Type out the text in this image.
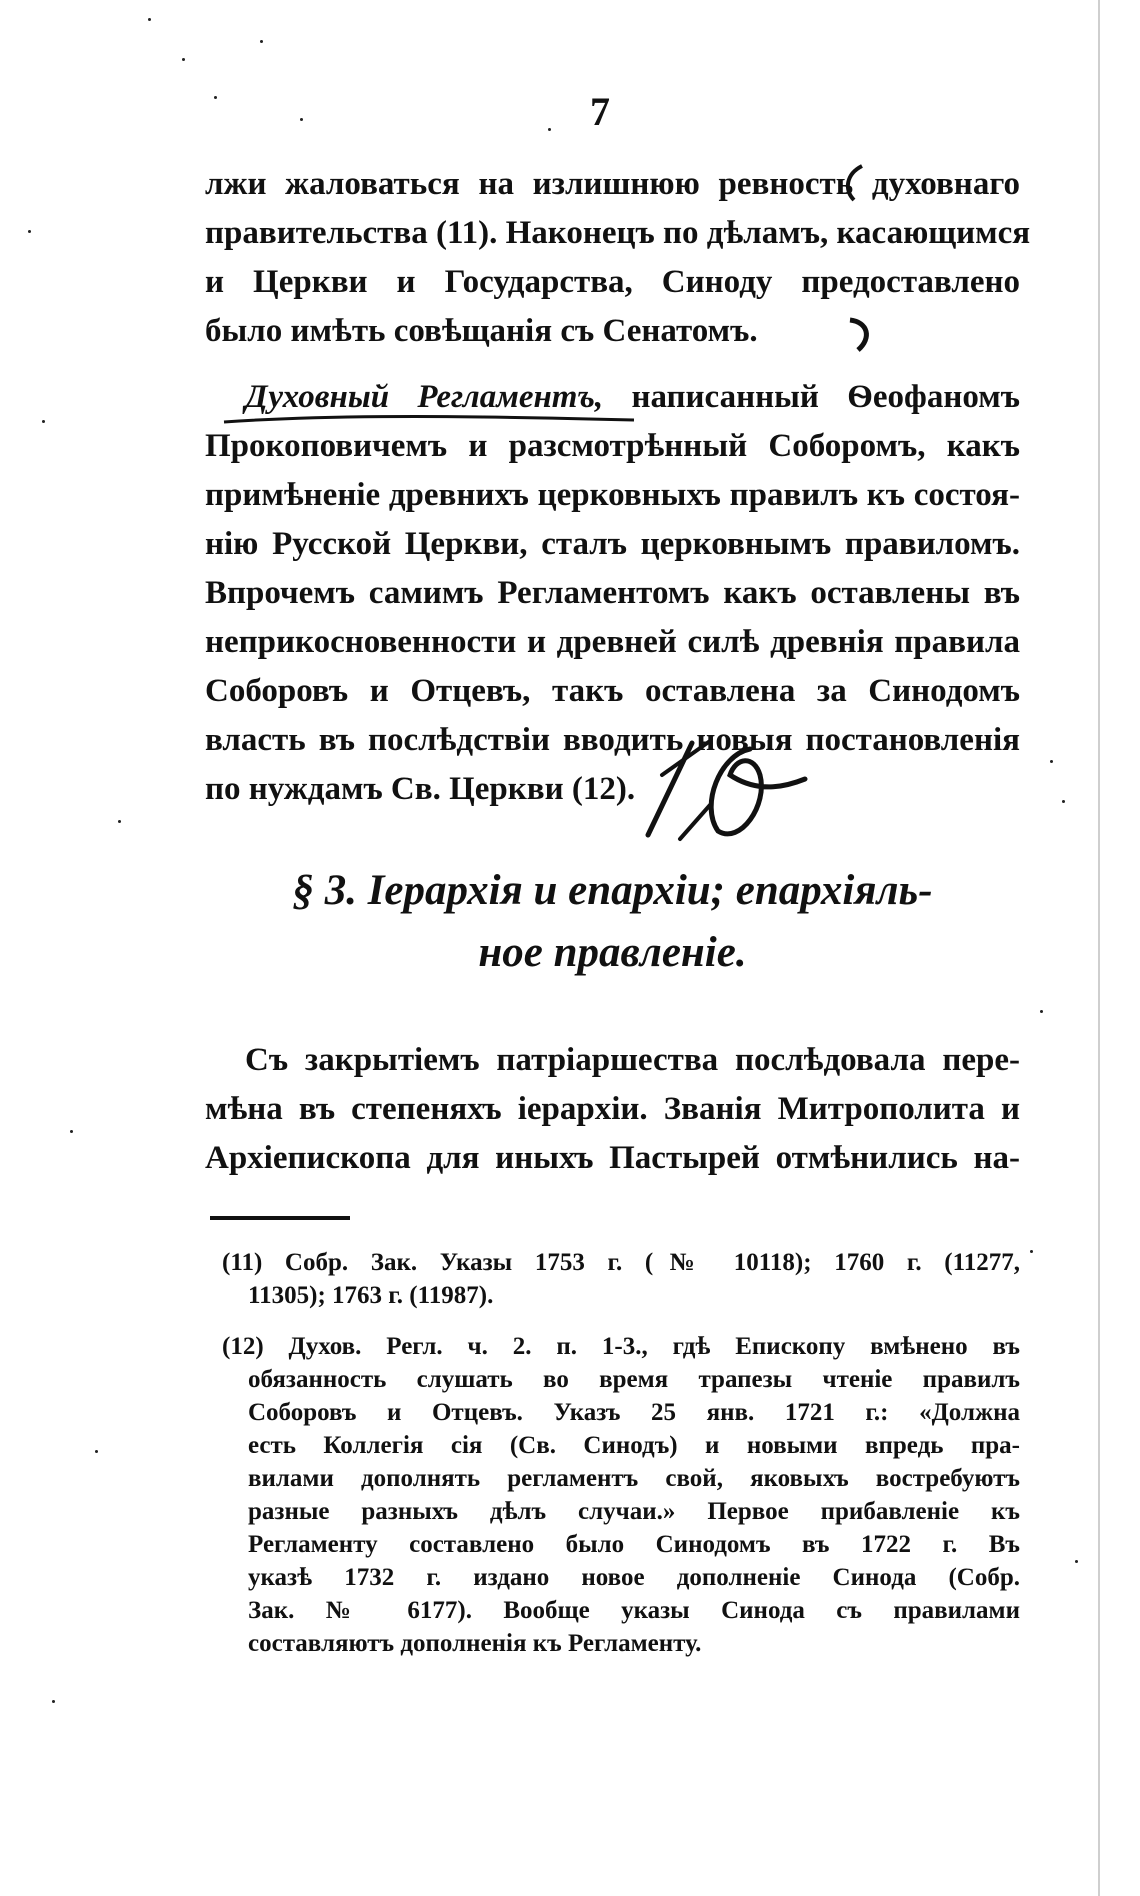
7
лжи жаловаться на излишнюю ревность духовнаго
правительства (11). Наконецъ по дѣламъ, касающимся
и Церкви и Государства, Синоду предоставлено
было имѣть совѣщанія съ Сенатомъ.
Духовный Регламентъ, написанный Ѳеофаномъ
Прокоповичемъ и разсмотрѣнный Соборомъ, какъ
примѣненіе древнихъ церковныхъ правилъ къ состоя-
нію Русской Церкви, сталъ церковнымъ правиломъ.
Впрочемъ самимъ Регламентомъ какъ оставлены въ
неприкосновенности и древней силѣ древнія правила
Соборовъ и Отцевъ, такъ оставлена за Синодомъ
власть въ послѣдствіи вводить новыя постановленія
по нуждамъ Св. Церкви (12).
§ 3. Іерархія и епархіи; епархіяль-
ное правленіе.
Съ закрытіемъ патріаршества послѣдовала пере-
мѣна въ степеняхъ іерархіи. Званія Митрополита и
Архіепископа для иныхъ Пастырей отмѣнились на-
(11) Собр. Зак. Указы 1753 г. (№ 10118); 1760 г. (11277,
11305); 1763 г. (11987).
(12) Духов. Регл. ч. 2. п. 1-3., гдѣ Епископу вмѣнено въ
обязанность слушать во время трапезы чтеніе правилъ
Соборовъ и Отцевъ. Указъ 25 янв. 1721 г.: «Должна
есть Коллегія сія (Св. Синодъ) и новыми впредь пра-
вилами дополнять регламентъ свой, яковыхъ востребуютъ
разные разныхъ дѣлъ случаи.» Первое прибавленіе къ
Регламенту составлено было Синодомъ въ 1722 г. Въ
указѣ 1732 г. издано новое дополненіе Синода (Собр.
Зак. № 6177). Вообще указы Синода съ правилами
составляютъ дополненія къ Регламенту.
